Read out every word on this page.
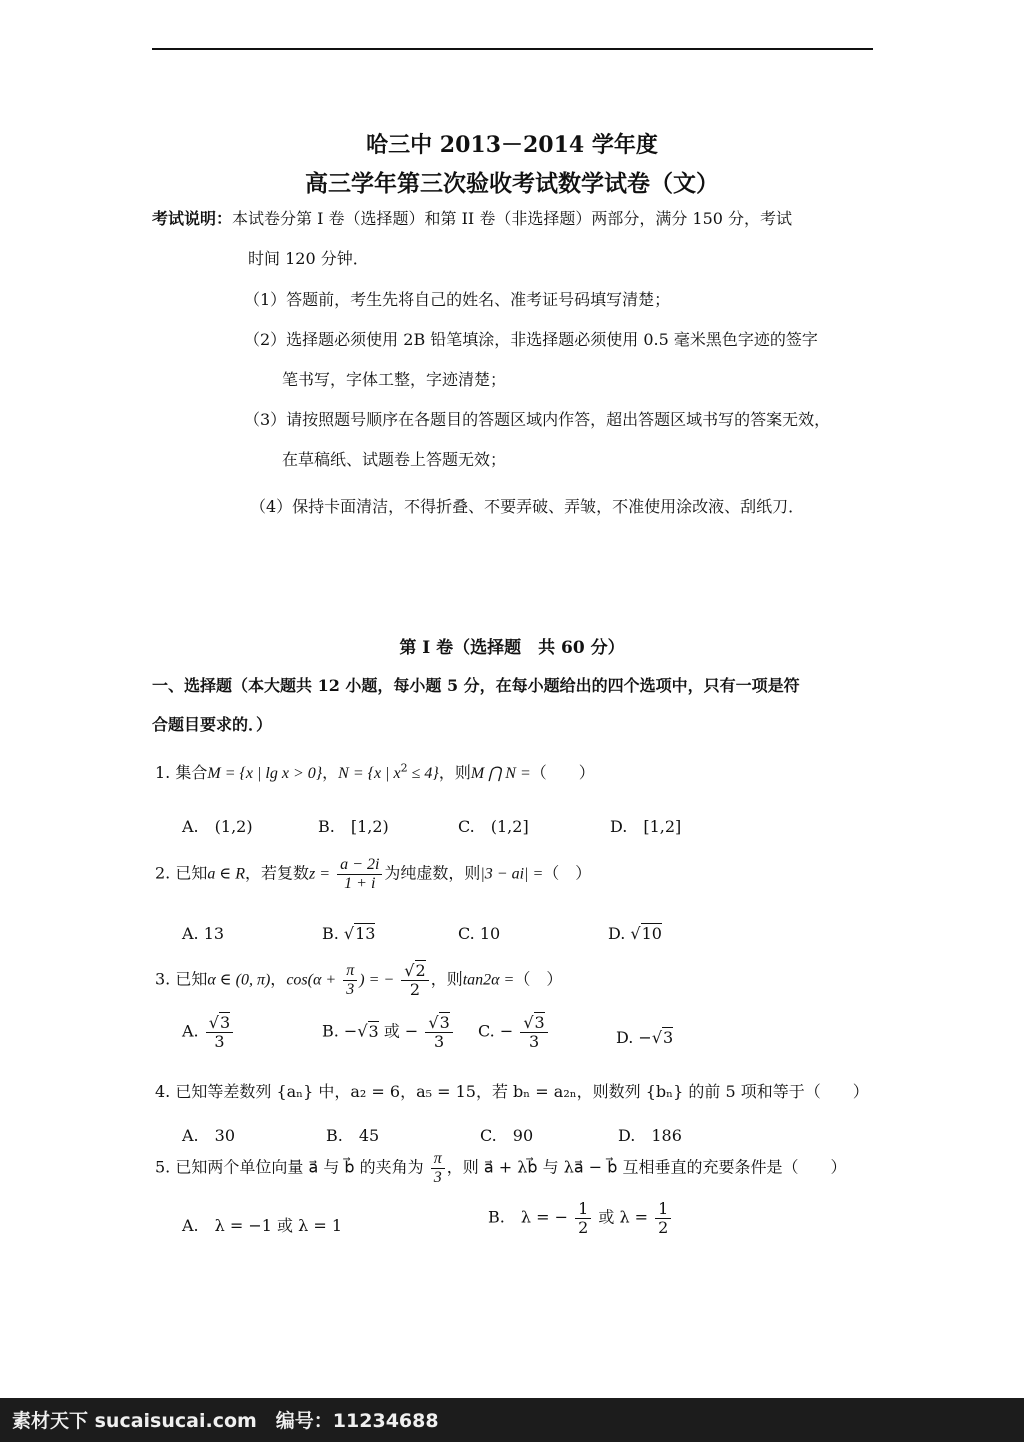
哈三中 2013－2014 学年度
高三学年第三次验收考试数学试卷（文）
考试说明：本试卷分第 I 卷（选择题）和第 II 卷（非选择题）两部分，满分 150 分，考试
时间 120 分钟．
（1）答题前，考生先将自己的姓名、准考证号码填写清楚；
（2）选择题必须使用 2B 铅笔填涂，非选择题必须使用 0.5 毫米黑色字迹的签字
笔书写，字体工整，字迹清楚；
（3）请按照题号顺序在各题目的答题区域内作答，超出答题区域书写的答案无效，
在草稿纸、试题卷上答题无效；
（4）保持卡面清洁，不得折叠、不要弄破、弄皱，不准使用涂改液、刮纸刀．
第 I 卷（选择题　共 60 分）
一、选择题（本大题共 12 小题，每小题 5 分，在每小题给出的四个选项中，只有一项是符
合题目要求的．）
1. 集合M = {x | lg x > 0}，N = {x | $x^2 \le 4$}，则M ⋂ N =（　　）
A.　(1,2)	B.　[1,2)	C.　(1,2]	D.　[1,2]
2. 已知a ∈ R，若复数$z = \frac{a - 2i}{1 + i}$ 为纯虚数，则|3 − ai| =（　）
A. 13	B. √13	C. 10	D. √10
3. 已知α ∈ (0, π)，$\cos(\alpha + \frac{\pi}{3}$ ) = − $\frac{√2}{2}$ ，则tan2α =（　）
A. $\frac{√3}{3}$	B. −√3 或 − $\frac{√3}{3} C$. − $\frac{√3}{3}$	D. −√3
4. 已知等差数列 {aₙ} 中，a₂ = 6，a₅ = 15，若 bₙ = a₂ₙ，则数列 {bₙ} 的前 5 项和等于（　　）
A.　30	B.　45	C.　90	D.　186
5. 已知两个单位向量 a⃗ 与 b⃗ 的夹角为 $\frac{\pi}{3}$ ，则 a⃗ + λb⃗ 与 λa⃗ − b⃗ 互相垂直的充要条件是（　　）
A.　λ = −1 或 λ = 1	B.　λ = − $\frac{1}{2}$ 或 $\lambda = \frac{1}{2}$
素材天下 sucaisucai.com　编号：11234688
